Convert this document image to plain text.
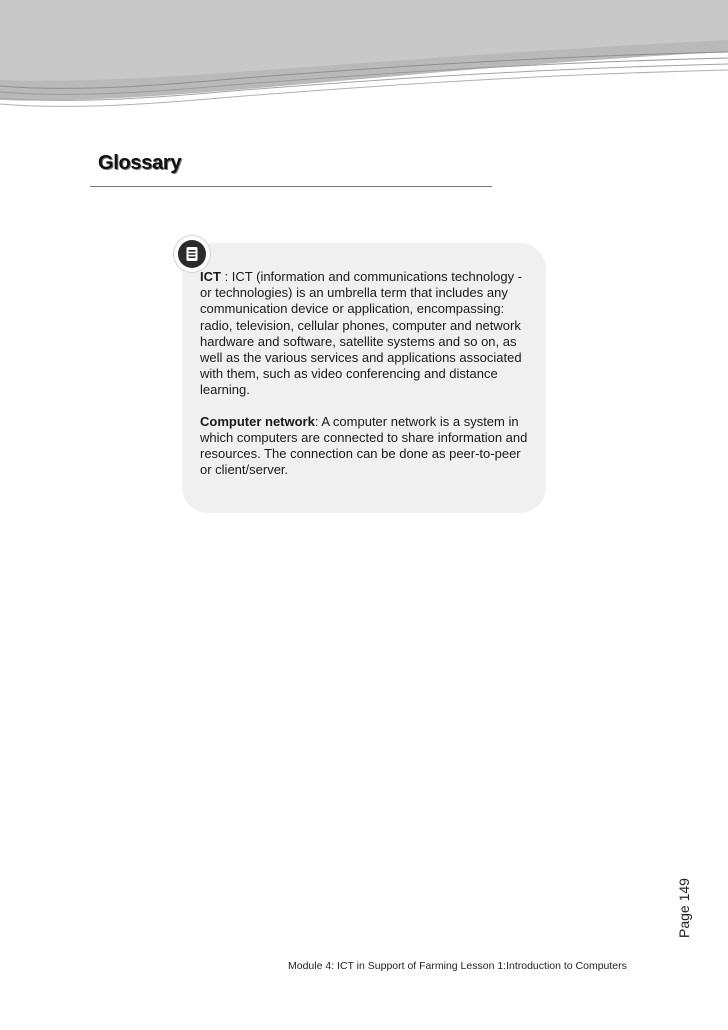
Glossary

ICT : ICT (information and communications technology - or technologies) is an umbrella term that includes any communication device or application, encompassing: radio, television, cellular phones, computer and network hardware and software, satellite systems and so on, as well as the various services and applications associated with them, such as video conferencing and distance learning.

Computer network: A computer network is a system in which computers are connected to share information and resources. The connection can be done as peer-to-peer or client/server.

Page 149
Module 4: ICT in Support of Farming Lesson 1:Introduction to Computers
